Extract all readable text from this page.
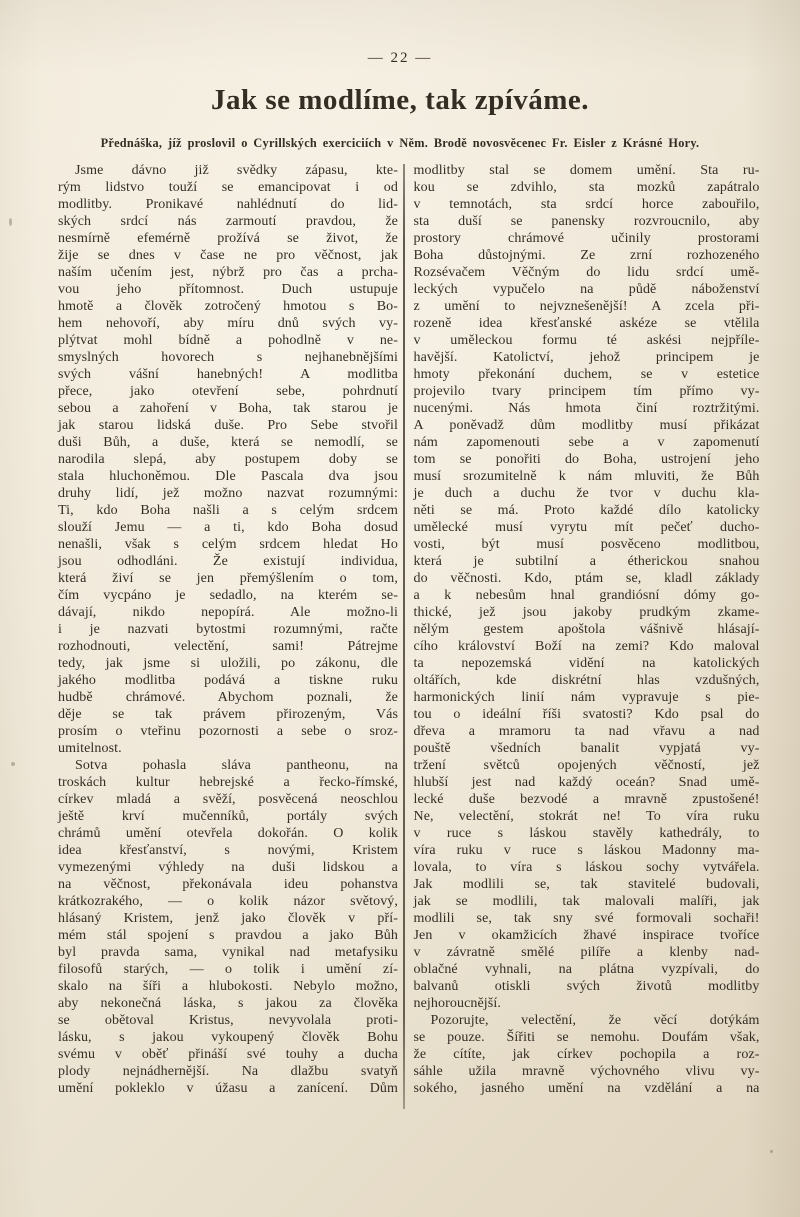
— 22 —
Jak se modlíme, tak zpíváme.
Přednáška, jíž proslovil o Cyrillských exerciciích v Něm. Brodě novosvěcenec Fr. Eisler z Krásné Hory.
Jsme dávno již svědky zápasu, kte-
rým lidstvo touží se emancipovat i od
modlitby. Pronikavé nahlédnutí do lid-
ských srdcí nás zarmoutí pravdou, že
nesmírně efemérně prožívá se život, že
žije se dnes v čase ne pro věčnost, jak
naším učením jest, nýbrž pro čas a prcha-
vou jeho přítomnost. Duch ustupuje
hmotě a člověk zotročený hmotou s Bo-
hem nehovoří, aby míru dnů svých vy-
plýtvat mohl bídně a pohodlně v ne-
smyslných hovorech s nejhanebnějšími
svých vášní hanebných! A modlitba
přece, jako otevření sebe, pohrdnutí
sebou a zahoření v Boha, tak starou je
jak starou lidská duše. Pro Sebe stvořil
duši Bůh, a duše, která se nemodlí, se
narodila slepá, aby postupem doby se
stala hluchoněmou. Dle Pascala dva jsou
druhy lidí, jež možno nazvat rozumnými:
Ti, kdo Boha našli a s celým srdcem
slouží Jemu — a ti, kdo Boha dosud
nenašli, však s celým srdcem hledat Ho
jsou odhodláni. Že existují individua,
která živí se jen přemýšlením o tom,
čím vycpáno je sedadlo, na kterém se-
dávají, nikdo nepopírá. Ale možno-li
i je nazvati bytostmi rozumnými, račte
rozhodnouti, velectění, sami! Pátrejme
tedy, jak jsme si uložili, po zákonu, dle
jakého modlitba podává a tiskne ruku
hudbě chrámové. Abychom poznali, že
děje se tak právem přirozeným, Vás
prosím o vteřinu pozornosti a sebe o sroz-
umitelnost.
Sotva pohasla sláva pantheonu, na
troskách kultur hebrejské a řecko-římské,
církev mladá a svěží, posvěcená neoschlou
ještě krví mučenníků, portály svých
chrámů umění otevřela dokořán. O kolik
idea křesťanství, s novými, Kristem
vymezenými výhledy na duši lidskou a
na věčnost, překonávala ideu pohanstva
krátkozrakého, — o kolik názor světový,
hlásaný Kristem, jenž jako člověk v pří-
mém stál spojení s pravdou a jako Bůh
byl pravda sama, vynikal nad metafysiku
filosofů starých, — o tolik i umění zí-
skalo na šíři a hlubokosti. Nebylo možno,
aby nekonečná láska, s jakou za člověka
se obětoval Kristus, nevyvolala proti-
lásku, s jakou vykoupený člověk Bohu
svému v oběť přináší své touhy a ducha
plody nejnádhernější. Na dlažbu svatyň
umění pokleklo v úžasu a zanícení. Dům
modlitby stal se domem umění. Sta ru-
kou se zdvihlo, sta mozků zapátralo
v temnotách, sta srdcí horce zabouřilo,
sta duší se panensky rozvroucnilo, aby
prostory chrámové učinily prostorami
Boha důstojnými. Ze zrní rozhozeného
Rozsévačem Věčným do lidu srdcí umě-
leckých vypučelo na půdě náboženství
z umění to nejvznešenější! A zcela při-
rozeně idea křesťanské askéze se vtělila
v uměleckou formu té askési nejpříle-
havější. Katolictví, jehož principem je
hmoty překonání duchem, se v estetice
projevilo tvary principem tím přímo vy-
nucenými. Nás hmota činí roztržitými.
A poněvadž dům modlitby musí přikázat
nám zapomenouti sebe a v zapomenutí
tom se ponořiti do Boha, ustrojení jeho
musí srozumitelně k nám mluviti, že Bůh
je duch a duchu že tvor v duchu kla-
něti se má. Proto každé dílo katolicky
umělecké musí vyrytu mít pečeť ducho-
vosti, být musí posvěceno modlitbou,
která je subtilní a étherickou snahou
do věčnosti. Kdo, ptám se, kladl základy
a k nebesům hnal grandiósní dómy go-
thické, jež jsou jakoby prudkým zkame-
nělým gestem apoštola vášnivě hlásají-
cího království Boží na zemi? Kdo maloval
ta nepozemská vidění na katolických
oltářích, kde diskrétní hlas vzdušných,
harmonických linií nám vypravuje s pie-
tou o ideální říši svatosti? Kdo psal do
dřeva a mramoru ta nad vřavu a nad
pouště všedních banalit vypjatá vy-
tržení světců opojených věčností, jež
hlubší jest nad každý oceán? Snad umě-
lecké duše bezvodé a mravně zpustošené!
Ne, velectění, stokrát ne! To víra ruku
v ruce s láskou stavěly kathedrály, to
víra ruku v ruce s láskou Madonny ma-
lovala, to víra s láskou sochy vytvářela.
Jak modlili se, tak stavitelé budovali,
jak se modlili, tak malovali malíři, jak
modlili se, tak sny své formovali sochaři!
Jen v okamžicích žhavé inspirace tvoříce
v závratně smělé pilíře a klenby nad-
oblačné vyhnali, na plátna vyzpívali, do
balvanů otiskli svých životů modlitby
nejhoroucnější.
Pozorujte, velectění, že věcí dotýkám
se pouze. Šířiti se nemohu. Doufám však,
že cítíte, jak církev pochopila a roz-
sáhle užila mravně výchovného vlivu vy-
sokého, jasného umění na vzdělání a na
